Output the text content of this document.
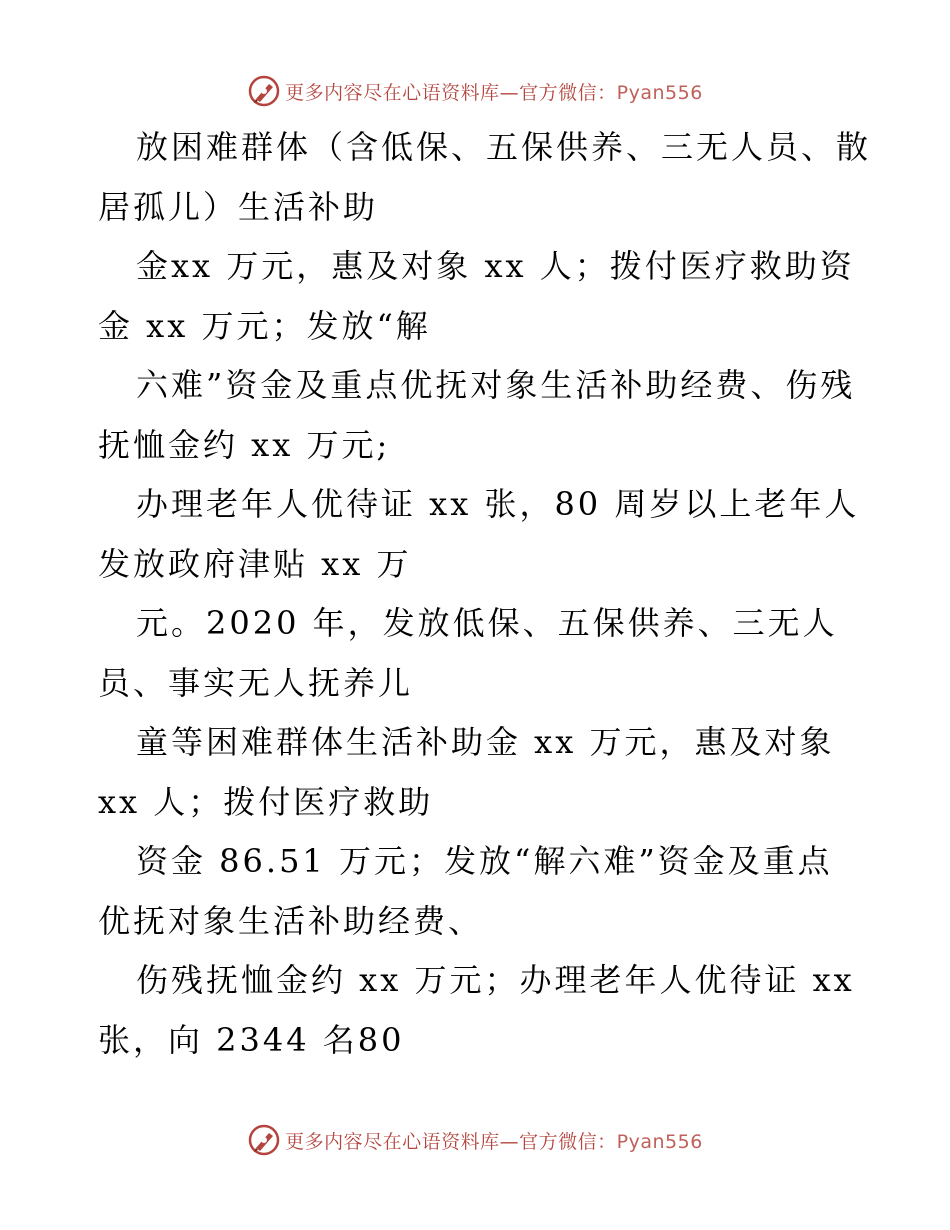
更多内容尽在心语资料库—官方微信：Pyan556
放困难群体（含低保、五保供养、三无人员、散
居孤儿）生活补助
金xx 万元，惠及对象 xx 人；拨付医疗救助资
金 xx 万元；发放“解
六难”资金及重点优抚对象生活补助经费、伤残
抚恤金约 xx 万元;
办理老年人优待证 xx 张，80 周岁以上老年人
发放政府津贴 xx 万
元。2020 年，发放低保、五保供养、三无人
员、事实无人抚养儿
童等困难群体生活补助金 xx 万元，惠及对象
xx 人；拨付医疗救助
资金 86.51 万元；发放“解六难”资金及重点
优抚对象生活补助经费、
伤残抚恤金约 xx 万元；办理老年人优待证 xx
张，向 2344 名80
更多内容尽在心语资料库—官方微信：Pyan556
